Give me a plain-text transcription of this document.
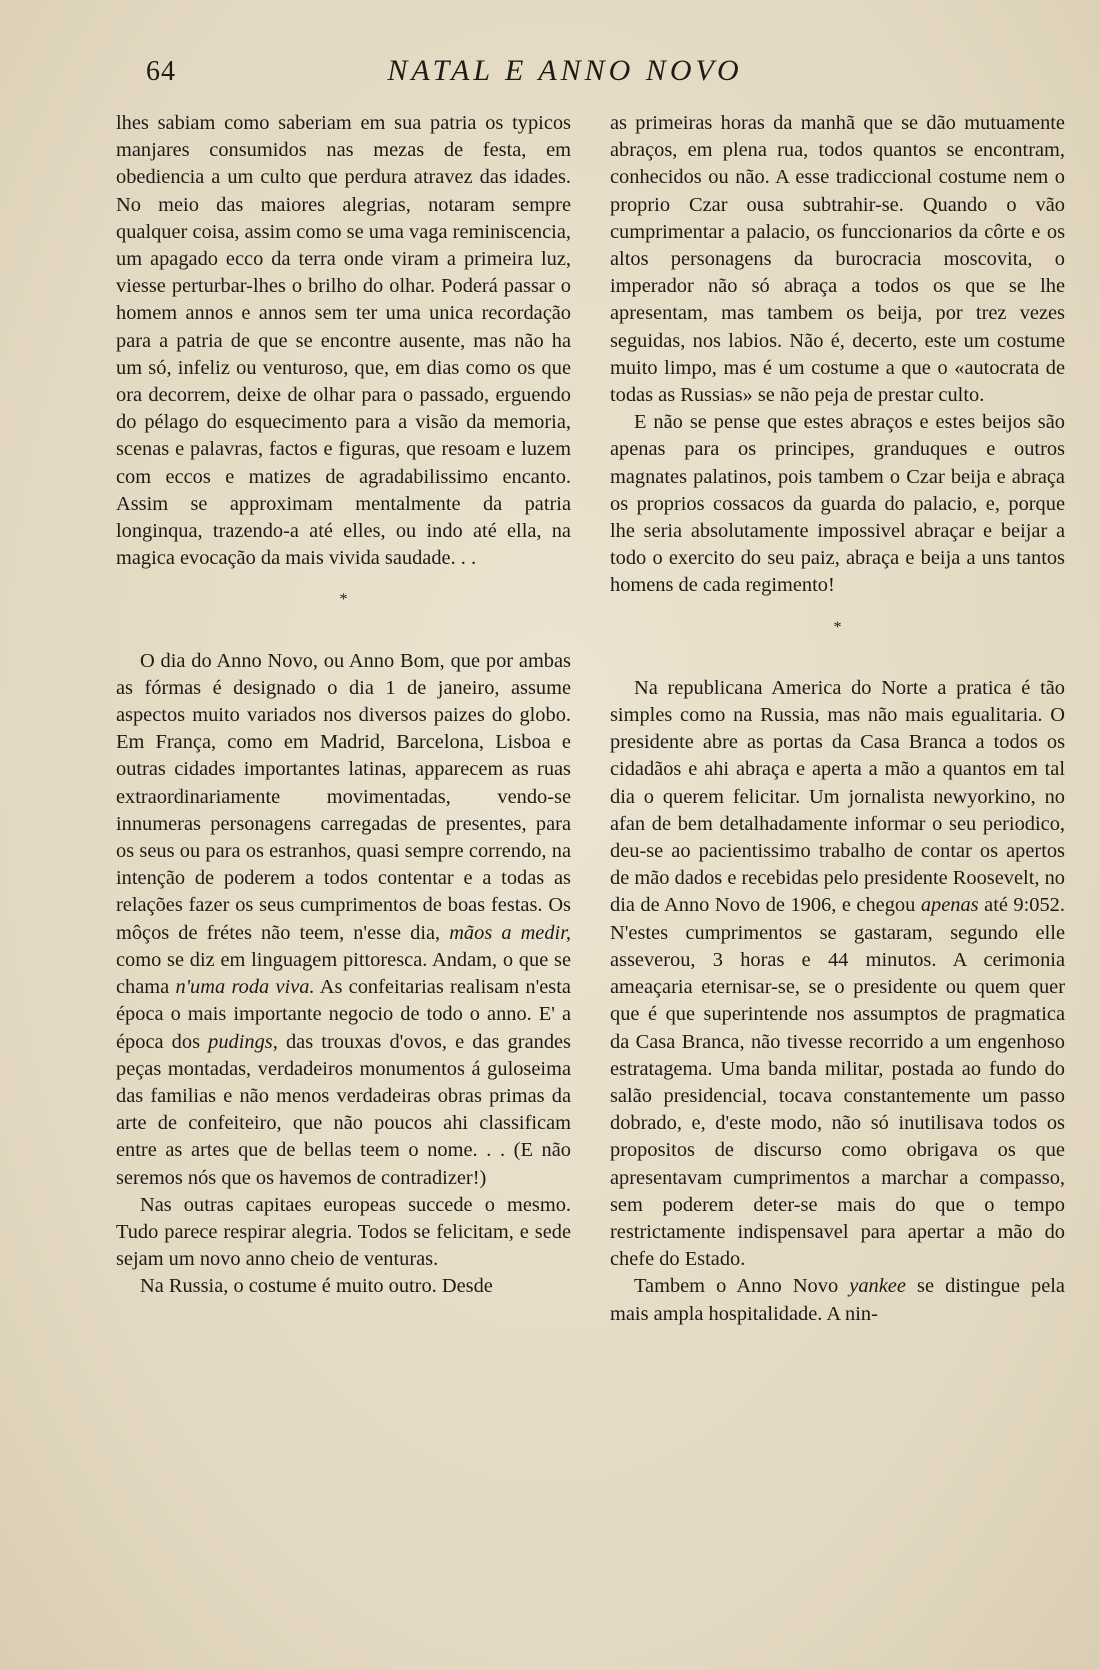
64	NATAL E ANNO NOVO

lhes sabiam como saberiam em sua patria os typicos manjares consumidos nas mezas de festa, em obediencia a um culto que perdura atravez das idades. No meio das maiores alegrias, notaram sempre qualquer coisa, assim como se uma vaga reminiscencia, um apagado ecco da terra onde viram a primeira luz, viesse perturbar-lhes o brilho do olhar. Poderá passar o homem annos e annos sem ter uma unica recordação para a patria de que se encontre ausente, mas não ha um só, infeliz ou venturoso, que, em dias como os que ora decorrem, deixe de olhar para o passado, erguendo do pélago do esquecimento para a visão da memoria, scenas e palavras, factos e figuras, que resoam e luzem com eccos e matizes de agradabilissimo encanto. Assim se approximam mentalmente da patria longinqua, trazendo-a até elles, ou indo até ella, na magica evocação da mais vivida saudade. . .

*

O dia do Anno Novo, ou Anno Bom, que por ambas as fórmas é designado o dia 1 de janeiro, assume aspectos muito variados nos diversos paizes do globo. Em França, como em Madrid, Barcelona, Lisboa e outras cidades importantes latinas, apparecem as ruas extraordinariamente movimentadas, vendo-se innumeras personagens carregadas de presentes, para os seus ou para os estranhos, quasi sempre correndo, na intenção de poderem a todos contentar e a todas as relações fazer os seus cumprimentos de boas festas. Os môços de frétes não teem, n'esse dia, mãos a medir, como se diz em linguagem pittoresca. Andam, o que se chama n'uma roda viva. As confeitarias realisam n'esta época o mais importante negocio de todo o anno. E' a época dos pudings, das trouxas d'ovos, e das grandes peças montadas, verdadeiros monumentos á guloseima das familias e não menos verdadeiras obras primas da arte de confeiteiro, que não poucos ahi classificam entre as artes que de bellas teem o nome. . . (E não seremos nós que os havemos de contradizer!)

Nas outras capitaes europeas succede o mesmo. Tudo parece respirar alegria. Todos se felicitam, e sede sejam um novo anno cheio de venturas.

Na Russia, o costume é muito outro. Desde

as primeiras horas da manhã que se dão mutuamente abraços, em plena rua, todos quantos se encontram, conhecidos ou não. A esse tradiccional costume nem o proprio Czar ousa subtrahir-se. Quando o vão cumprimentar a palacio, os funccionarios da côrte e os altos personagens da burocracia moscovita, o imperador não só abraça a todos os que se lhe apresentam, mas tambem os beija, por trez vezes seguidas, nos labios. Não é, decerto, este um costume muito limpo, mas é um costume a que o «autocrata de todas as Russias» se não peja de prestar culto.

E não se pense que estes abraços e estes beijos são apenas para os principes, granduques e outros magnates palatinos, pois tambem o Czar beija e abraça os proprios cossacos da guarda do palacio, e, porque lhe seria absolutamente impossivel abraçar e beijar a todo o exercito do seu paiz, abraça e beija a uns tantos homens de cada regimento!

*

Na republicana America do Norte a pratica é tão simples como na Russia, mas não mais egualitaria. O presidente abre as portas da Casa Branca a todos os cidadãos e ahi abraça e aperta a mão a quantos em tal dia o querem felicitar. Um jornalista newyorkino, no afan de bem detalhadamente informar o seu periodico, deu-se ao pacientissimo trabalho de contar os apertos de mão dados e recebidas pelo presidente Roosevelt, no dia de Anno Novo de 1906, e chegou apenas até 9:052. N'estes cumprimentos se gastaram, segundo elle asseverou, 3 horas e 44 minutos. A cerimonia ameaçaria eternisar-se, se o presidente ou quem quer que é que superintende nos assumptos de pragmatica da Casa Branca, não tivesse recorrido a um engenhoso estratagema. Uma banda militar, postada ao fundo do salão presidencial, tocava constantemente um passo dobrado, e, d'este modo, não só inutilisava todos os propositos de discurso como obrigava os que apresentavam cumprimentos a marchar a compasso, sem poderem deter-se mais do que o tempo restrictamente indispensavel para apertar a mão do chefe do Estado.

Tambem o Anno Novo yankee se distingue pela mais ampla hospitalidade. A nin-
